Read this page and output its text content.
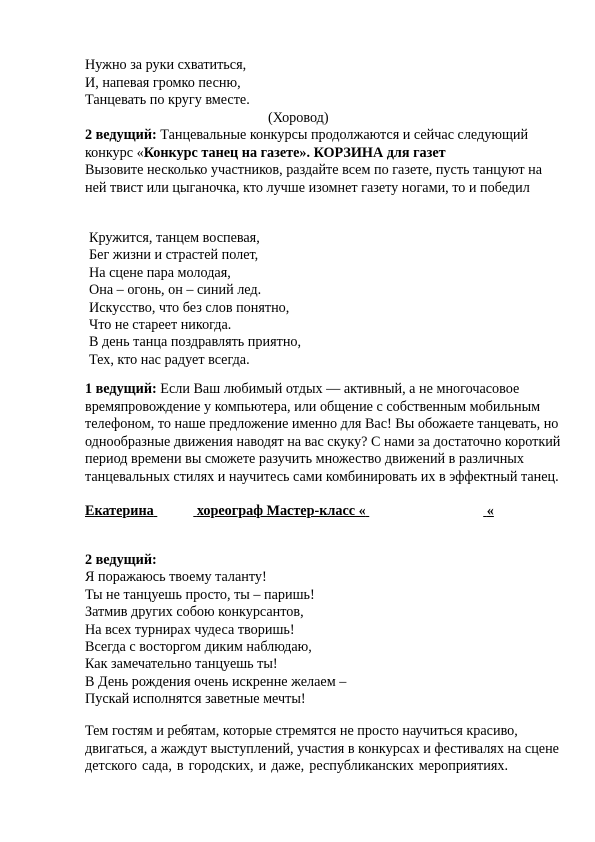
Нужно за руки схватиться,
И, напевая громко песню,
Танцевать по кругу вместе.
(Хоровод)
2 ведущий: Танцевальные конкурсы продолжаются и сейчас следующий
конкурс «Конкурс танец на газете». КОРЗИНА для газет
Вызовите несколько участников, раздайте всем по газете, пусть танцуют на
ней твист или цыганочка, кто лучше изомнет газету ногами, то и победил
Кружится, танцем воспевая,
Бег жизни и страстей полет,
На сцене пара молодая,
Она – огонь, он – синий лед.
Искусство, что без слов понятно,
Что не стареет никогда.
В день танца поздравлять приятно,
Тех, кто нас радует всегда.
1 ведущий: Если Ваш любимый отдых — активный, а не многочасовое
времяпровождение у компьютера, или общение с собственным мобильным
телефоном, то наше предложение именно для Вас! Вы обожаете танцевать, но
однообразные движения наводят на вас скуку? С нами за достаточно короткий
период времени вы сможете разучить множество движений в различных
танцевальных стилях и научитесь сами комбинировать их в эффектный танец.
Екатерина	хореограф Мастер-класс «	«
2 ведущий:
Я поражаюсь твоему таланту!
Ты не танцуешь просто, ты – паришь!
Затмив других собою конкурсантов,
На всех турнирах чудеса творишь!
Всегда с восторгом диким наблюдаю,
Как замечательно танцуешь ты!
В День рождения очень искренне желаем –
Пускай исполнятся заветные мечты!
Тем гостям и ребятам, которые стремятся не просто научиться красиво,
двигаться, а жаждут выступлений, участия в конкурсах и фестивалях на сцене
детского сада, в городских, и даже, республиканских мероприятиях.
